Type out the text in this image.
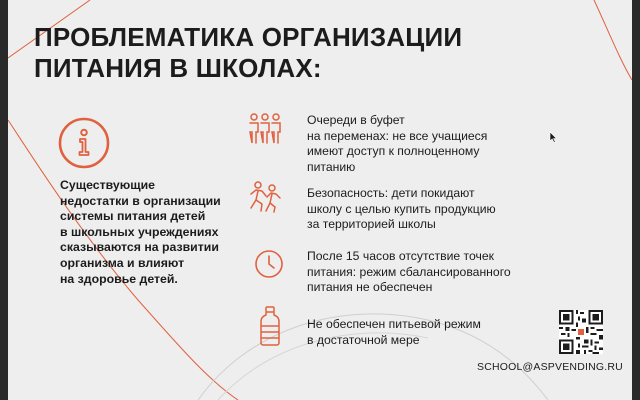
ПРОБЛЕМАТИКА ОРГАНИЗАЦИИ
ПИТАНИЯ В ШКОЛАХ:

Существующие
недостатки в организации
системы питания детей
в школьных учреждениях
сказываются на развитии
организма и влияют
на здоровье детей.

Очереди в буфет
на переменах: не все учащиеся
имеют доступ к полноценному
питанию

Безопасность: дети покидают
школу с целью купить продукцию
за территорией школы

После 15 часов отсутствие точек
питания: режим сбалансированного
питания не обеспечен

Не обеспечен питьевой режим
в достаточной мере

SCHOOL@ASPVENDING.RU
